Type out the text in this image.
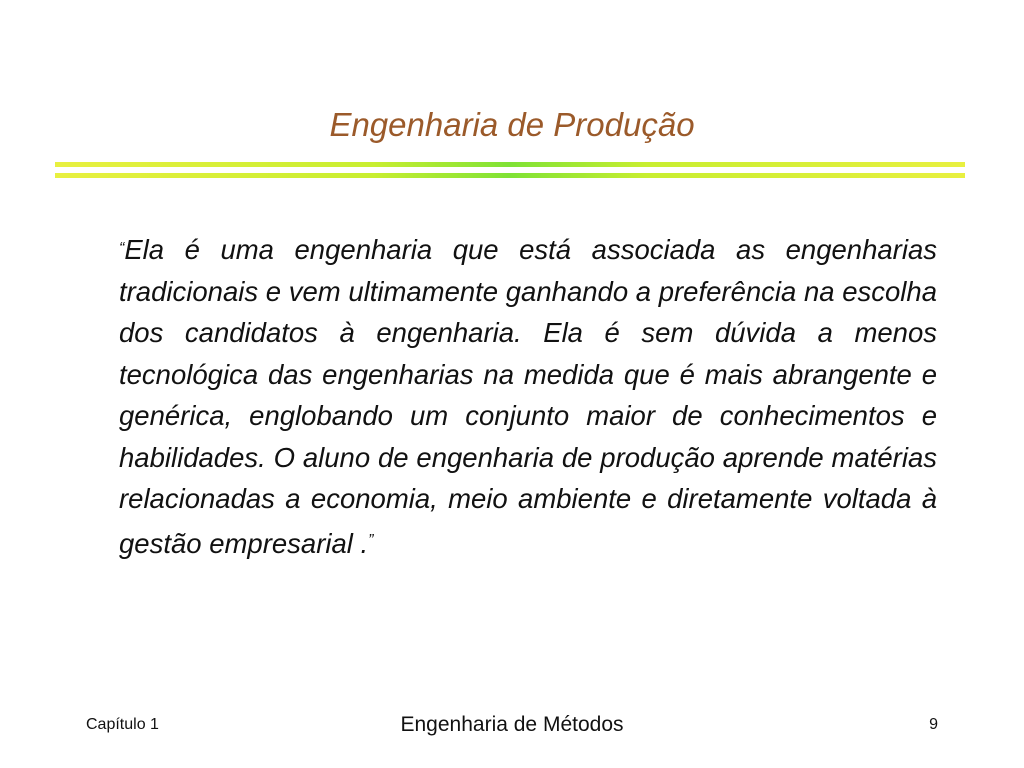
Engenharia de Produção

“Ela é uma engenharia que está associada as engenharias tradicionais e vem ultimamente ganhando a preferência na escolha dos candidatos à engenharia. Ela é sem dúvida a menos tecnológica das engenharias na medida que é mais abrangente e genérica, englobando um conjunto maior de conhecimentos e habilidades. O aluno de engenharia de produção aprende matérias relacionadas a economia, meio ambiente e diretamente voltada à gestão empresarial .”

Capítulo 1	Engenharia de Métodos	9
